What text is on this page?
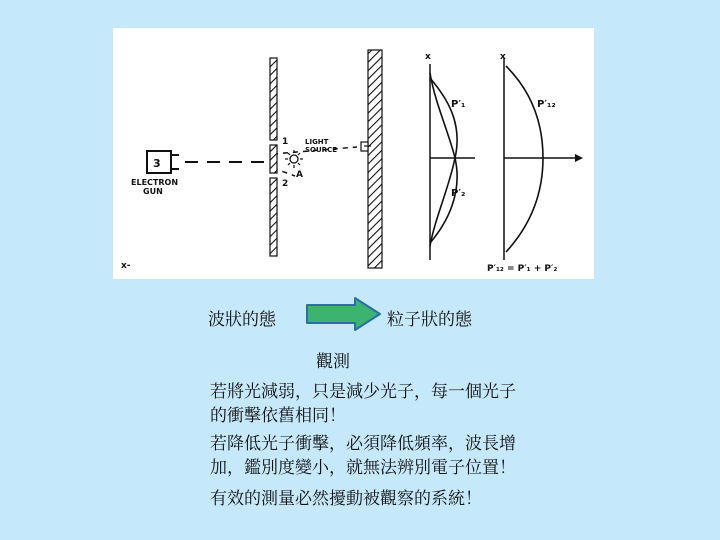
3
ELECTRON
GUN
1
2
A
LIGHT
SOURCE
x
P′₁
P′₂
x
P′₁₂
P′₁₂ = P′₁ + P′₂
x-
波狀的態	粒子狀的態
觀測
若將光減弱，只是減少光子，每一個光子
的衝擊依舊相同！
若降低光子衝擊，必須降低頻率，波長增
加，鑑別度變小，就無法辨別電子位置！
有效的測量必然擾動被觀察的系統！
